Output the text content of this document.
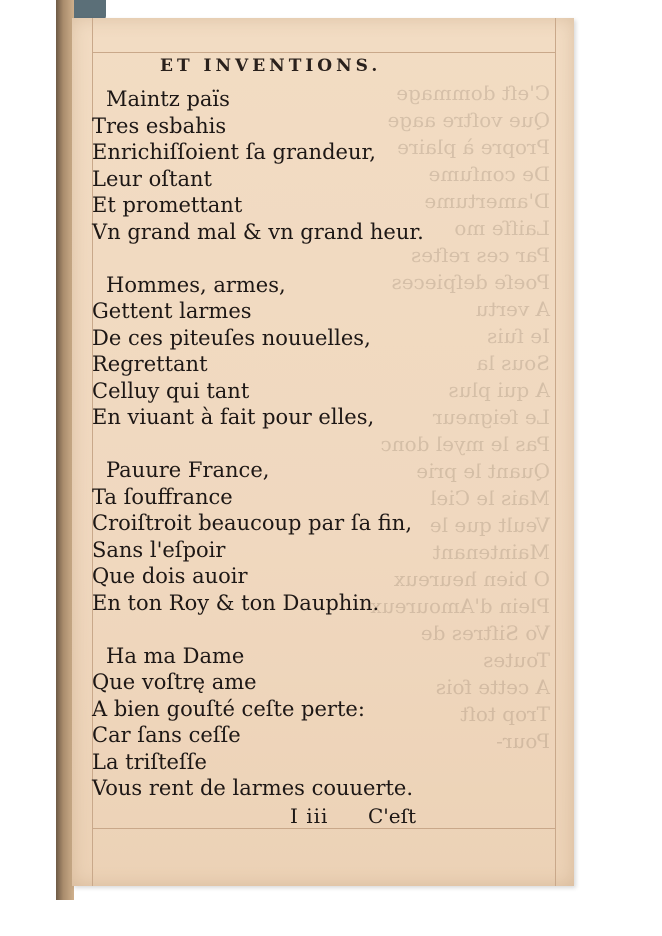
C'eſt dommage
Que voſtre aage
Propre à plaire
De conſume
D'amertume
Laiſſe mo
Par ces reſtes
Poeſe deſpieces
A vertu
Ie ſuis
Sous la
A qui plus
Le ſeigneur
Pas le myel donc
Quant le prie
Mais le Ciel
Veult que le
Maintenant
O bien heureux
Plein d'Amoureux
Vo Siſtres de
Toutes
A cette fois
Trop toſt
Pour-
ET INVENTIONS.
Maintz païs
Tres esbahis
Enrichiſſoient ſa grandeur,
Leur oſtant
Et promettant
Vn grand mal & vn grand heur.
Hommes, armes,
Gettent larmes
De ces piteuſes nouuelles,
Regrettant
Celluy qui tant
En viuant à fait pour elles,
Pauure France,
Ta ſouffrance
Croiſtroit beaucoup par ſa fin,
Sans l'eſpoir
Que dois auoir
En ton Roy & ton Dauphin.
Ha ma Dame
Que voſtrę ame
A bien gouſté ceſte perte:
Car ſans ceſſe
La triſteſſe
Vous rent de larmes couuerte.
I iii C'eſt
